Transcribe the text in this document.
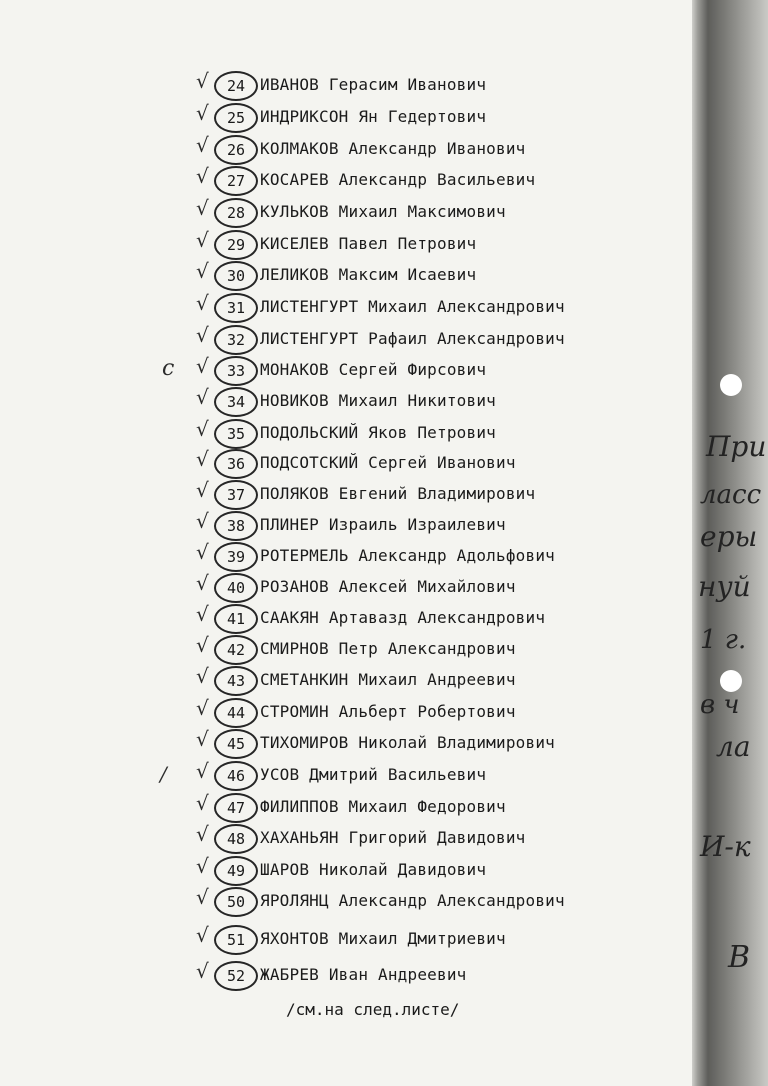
При
ласс
еры
нуй
1 г.
в ч
ла
И-к
В
с
/
√	24 ИВАНОВ Герасим Иванович
√	25 ИНДРИКСОН Ян Гедертович
√	26 КОЛМАКОВ Александр Иванович
√	27 КОСАРЕВ Александр Васильевич
√	28 КУЛЬКОВ Михаил Максимович
√	29 КИСЕЛЕВ Павел Петрович
√	30 ЛЕЛИКОВ Максим Исаевич
√	31 ЛИСТЕНГУРТ Михаил Александрович
√	32 ЛИСТЕНГУРТ Рафаил Александрович
√	33 МОНАКОВ Сергей Фирсович
√	34 НОВИКОВ Михаил Никитович
√	35 ПОДОЛЬСКИЙ Яков Петрович
√	36 ПОДСОТСКИЙ Сергей Иванович
√	37 ПОЛЯКОВ Евгений Владимирович
√	38 ПЛИНЕР Израиль Израилевич
√	39 РОТЕРМЕЛЬ Александр Адольфович
√	40 РОЗАНОВ Алексей Михайлович
√	41 СААКЯН Артавазд Александрович
√	42 СМИРНОВ Петр Александрович
√	43 СМЕТАНКИН Михаил Андреевич
√	44 СТРОМИН Альберт Робертович
√	45 ТИХОМИРОВ Николай Владимирович
√	46 УСОВ Дмитрий Васильевич
√	47 ФИЛИППОВ Михаил Федорович
√	48 ХАХАНЬЯН Григорий Давидович
√	49 ШАРОВ Николай Давидович
√	50 ЯРОЛЯНЦ Александр Александрович
√	51 ЯХОНТОВ Михаил Дмитриевич
√	52 ЖАБРЕВ Иван Андреевич
/см.на след.листе/
